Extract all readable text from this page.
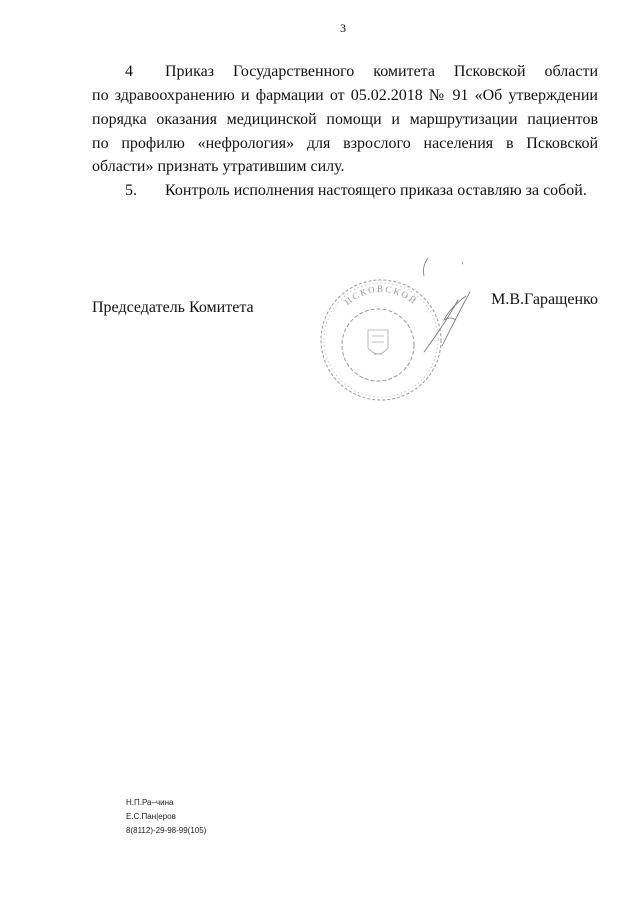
3
4 Приказ Государственного комитета Псковской области
по здравоохранению и фармации от 05.02.2018 № 91 «Об утверждении
порядка оказания медицинской помощи и маршрутизации пациентов
по профилю «нефрология» для взрослого населения в Псковской
области» признать утратившим силу.
5. Контроль исполнения настоящего приказа оставляю за собой.
Председатель Комитета	М.В.Гаращенко
ПСКОВСКОЙ
Н.П.Ра–чина
Е.С.Пан|еров
8(8112)-29-98-99(105)
